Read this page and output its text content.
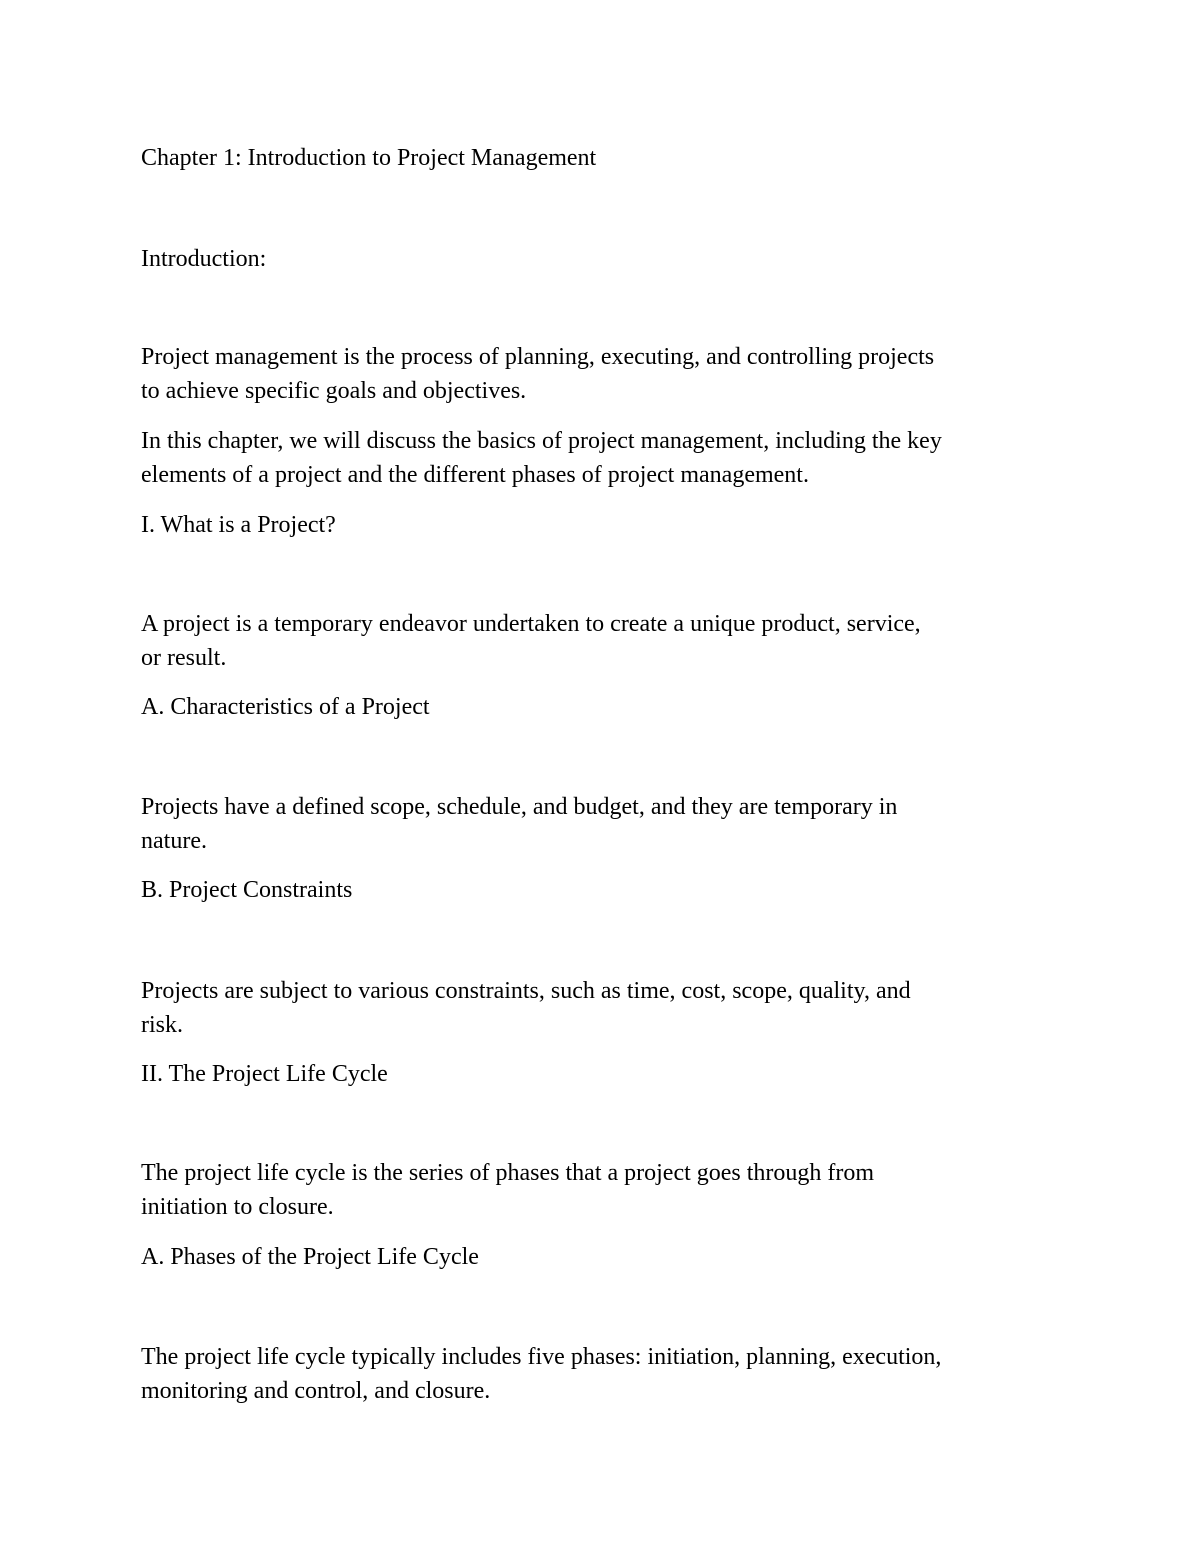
Chapter 1: Introduction to Project Management

Introduction:

Project management is the process of planning, executing, and controlling projects

to achieve specific goals and objectives.

In this chapter, we will discuss the basics of project management, including the key

elements of a project and the different phases of project management.

I. What is a Project?

A project is a temporary endeavor undertaken to create a unique product, service,

or result.

A. Characteristics of a Project

Projects have a defined scope, schedule, and budget, and they are temporary in

nature.

B. Project Constraints

Projects are subject to various constraints, such as time, cost, scope, quality, and

risk.

II. The Project Life Cycle

The project life cycle is the series of phases that a project goes through from

initiation to closure.

A. Phases of the Project Life Cycle

The project life cycle typically includes five phases: initiation, planning, execution,

monitoring and control, and closure.
